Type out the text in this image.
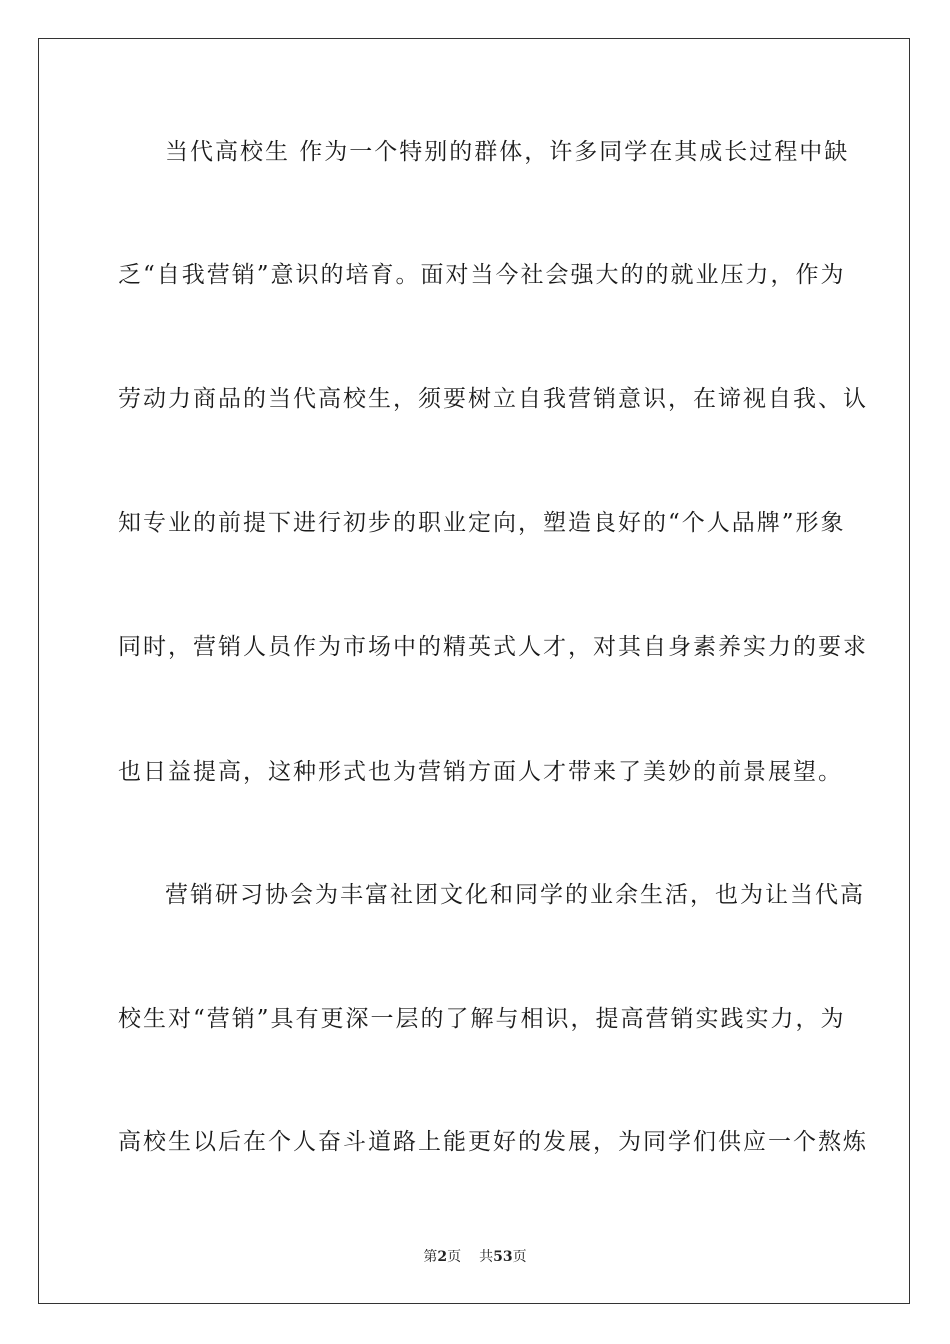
当代高校生 作为一个特别的群体，许多同学在其成长过程中缺
乏“自我营销”意识的培育。面对当今社会强大的的就业压力，作为
劳动力商品的当代高校生，须要树立自我营销意识，在谛视自我、认
知专业的前提下进行初步的职业定向，塑造良好的“个人品牌”形象
同时，营销人员作为市场中的精英式人才，对其自身素养实力的要求
也日益提高，这种形式也为营销方面人才带来了美妙的前景展望。
营销研习协会为丰富社团文化和同学的业余生活，也为让当代高
校生对“营销”具有更深一层的了解与相识，提高营销实践实力，为
高校生以后在个人奋斗道路上能更好的发展，为同学们供应一个熬炼
第2页 共53页
